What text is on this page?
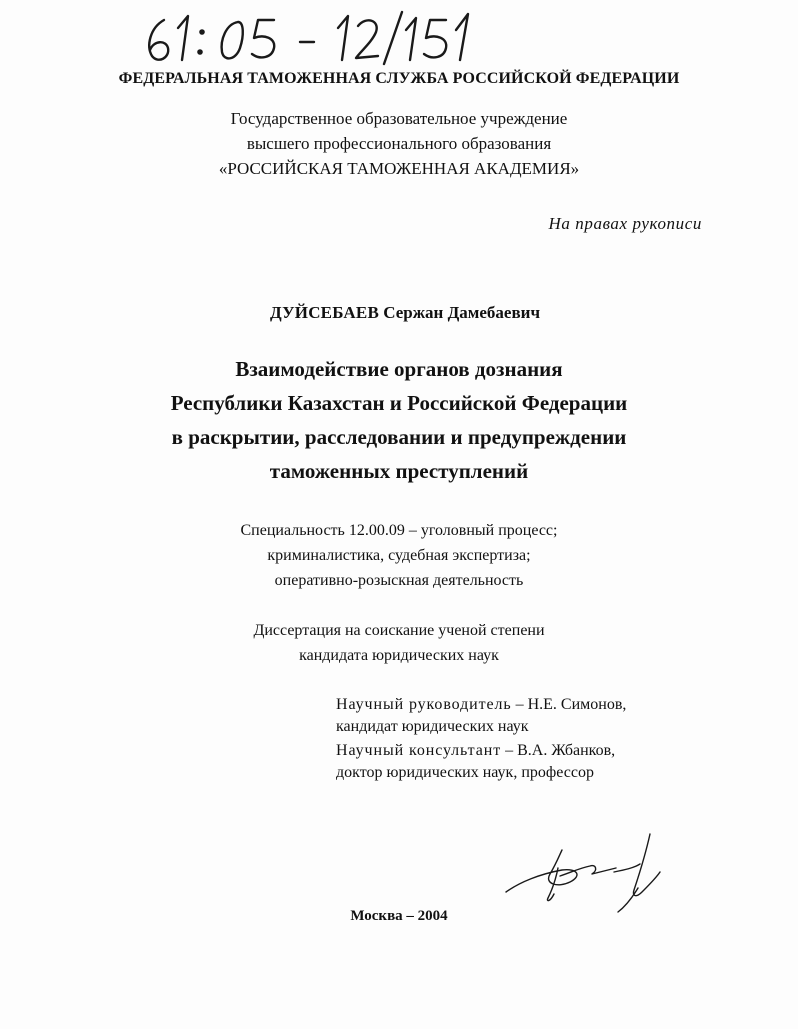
ФЕДЕРАЛЬНАЯ ТАМОЖЕННАЯ СЛУЖБА РОССИЙСКОЙ ФЕДЕРАЦИИ
Государственное образовательное учреждение
высшего профессионального образования
«РОССИЙСКАЯ ТАМОЖЕННАЯ АКАДЕМИЯ»
На правах рукописи
ДУЙСЕБАЕВ Сержан Дамебаевич
Взаимодействие органов дознания
Республики Казахстан и Российской Федерации
в раскрытии, расследовании и предупреждении
таможенных преступлений
Специальность 12.00.09 – уголовный процесс;
криминалистика, судебная экспертиза;
оперативно-розыскная деятельность
Диссертация на соискание ученой степени
кандидата юридических наук
Научный руководитель – Н.Е. Симонов,
кандидат юридических наук
Научный консультант – В.А. Жбанков,
доктор юридических наук, профессор
Москва – 2004
